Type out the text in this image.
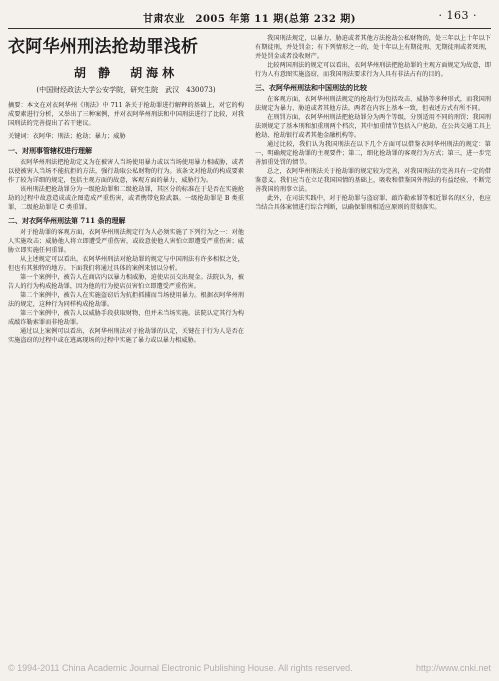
甘肃农业　2005 年第 11 期(总第 232 期)	· 163 ·
衣阿华州刑法抢劫罪浅析
胡 静　胡海林
(中国财经政法大学公安学院，研究生院　武汉　430073)
摘要：本文在对衣阿华州《刑法》中 711 条关于抢劫罪进行解释的基础上，对它的构成要素进行分析，又举出了三种案例，并对衣阿华州刑法和中国刑法进行了比较，对我国刑法的完善提出了若干建议。
关键词：衣阿华；刑法；抢劫；暴力；威胁
一、对刑事管辖权进行理解

衣阿华州刑法把抢劫定义为在被害人当场使用暴力或以当场使用暴力相威胁，或者以使被害人当场不能抗拒的方法，强行劫取公私财物的行为。该条文对抢劫的构成要素作了较为详细的规定，包括主观方面的故意，客观方面的暴力、威胁行为。

该州刑法把抢劫罪分为一级抢劫罪和二级抢劫罪，其区分的标准在于是否在实施抢劫的过程中故意造成或企图造成严重伤害，或者携带危险武器。一级抢劫罪是 B 类重罪，二级抢劫罪是 C 类重罪。

二、对衣阿华州刑法第 711 条的理解

对于抢劫罪的客观方面，衣阿华州刑法规定行为人必须实施了下列行为之一：对他人实施攻击；威胁他人将立即遭受严重伤害，或故意使他人害怕立即遭受严重伤害；威胁立即实施任何重罪。

从上述规定可以看出，衣阿华州刑法对抢劫罪的规定与中国刑法有许多相似之处，但也有其独特的地方。下面我们将通过具体的案例来加以分析。

第一个案例中，被告人在商店内以暴力相威胁，迫使店员交出现金。法院认为，被告人的行为构成抢劫罪，因为他的行为使店员害怕立即遭受严重伤害。

第二个案例中，被告人在实施盗窃后为抗拒抓捕而当场使用暴力。根据衣阿华州刑法的规定，这种行为同样构成抢劫罪。

第三个案例中，被告人以威胁手段获取财物，但并未当场实施。法院认定其行为构成敲诈勒索罪而非抢劫罪。

通过以上案例可以看出，衣阿华州刑法对于抢劫罪的认定，关键在于行为人是否在实施盗窃的过程中或在逃离现场的过程中实施了暴力或以暴力相威胁。

我国刑法规定，以暴力、胁迫或者其他方法抢劫公私财物的，处三年以上十年以下有期徒刑，并处罚金；有下列情形之一的，处十年以上有期徒刑、无期徒刑或者死刑，并处罚金或者没收财产。

比较两国刑法的规定可以看出，衣阿华州刑法把抢劫罪的主观方面规定为故意，即行为人有意图实施盗窃，而我国刑法要求行为人具有非法占有的目的。

三、衣阿华州刑法和中国刑法的比较

在客观方面，衣阿华州刑法规定的抢劫行为包括攻击、威胁等多种形式，而我国刑法规定为暴力、胁迫或者其他方法。两者在内容上基本一致，但表述方式有所不同。

在刑罚方面，衣阿华州刑法把抢劫罪分为两个等级，分别适用不同的刑罚；我国刑法则规定了基本刑和加重刑两个档次，其中加重情节包括入户抢劫、在公共交通工具上抢劫、抢劫银行或者其他金融机构等。

通过比较，我们认为我国刑法在以下几个方面可以借鉴衣阿华州刑法的规定：第一，明确规定抢劫罪的主观要件；第二，细化抢劫罪的客观行为方式；第三，进一步完善加重处罚的情节。

总之，衣阿华州刑法关于抢劫罪的规定较为完善，对我国刑法的完善具有一定的借鉴意义。我们应当在立足我国国情的基础上，吸收和借鉴国外刑法的有益经验，不断完善我国的刑事立法。

此外，在司法实践中，对于抢劫罪与盗窃罪、敲诈勒索罪等相近罪名的区分，也应当结合具体案情进行综合判断，以确保罪刑相适应原则的贯彻落实。

© 1994-2011 China Academic Journal Electronic Publishing House. All rights reserved.	http://www.cnki.net
